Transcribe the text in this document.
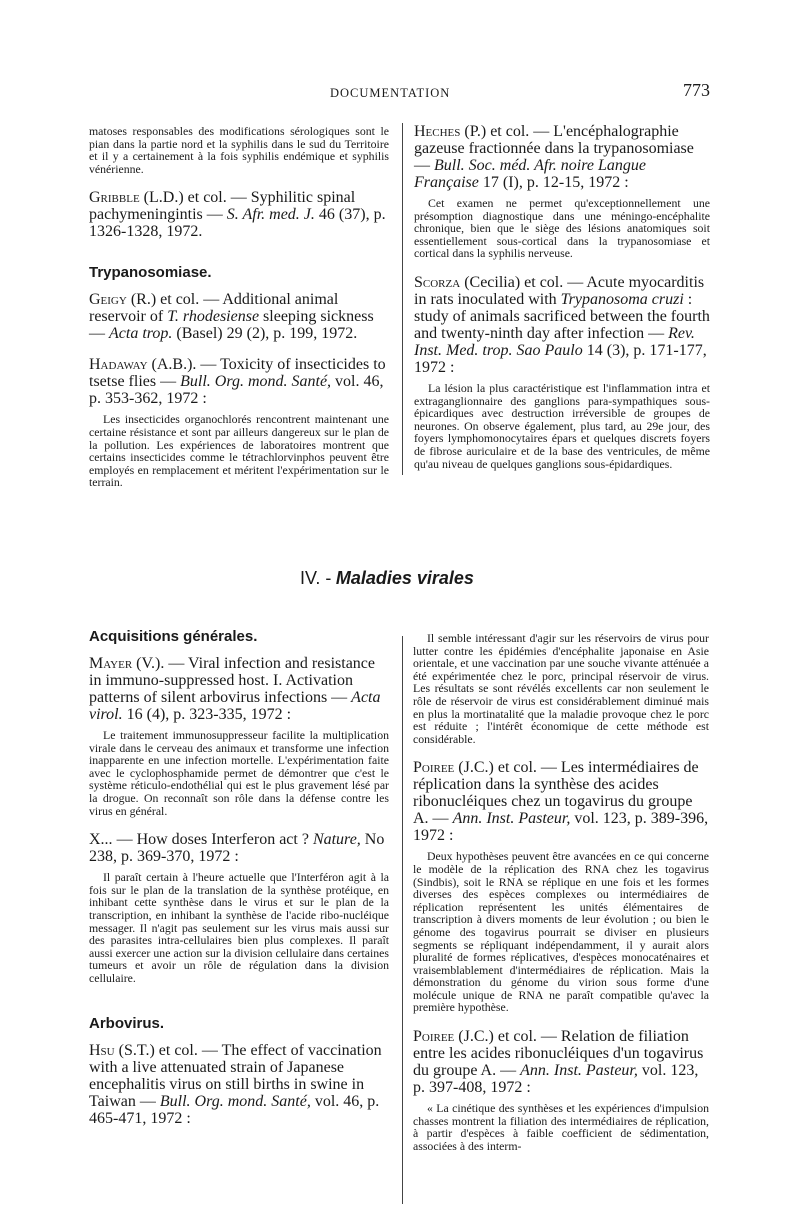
DOCUMENTATION	773

matoses responsables des modifications sérologiques sont le pian dans la partie nord et la syphilis dans le sud du Territoire et il y a certainement à la fois syphilis endémique et syphilis vénérienne.

Gribble (L.D.) et col. — Syphilitic spinal pachymeningintis — S. Afr. med. J. 46 (37), p. 1326-1328, 1972.

Trypanosomiase.

Geigy (R.) et col. — Additional animal reservoir of T. rhodesiense sleeping sickness — Acta trop. (Basel) 29 (2), p. 199, 1972.

Hadaway (A.B.). — Toxicity of insecticides to tsetse flies — Bull. Org. mond. Santé, vol. 46, p. 353-362, 1972 :

Les insecticides organochlorés rencontrent maintenant une certaine résistance et sont par ailleurs dangereux sur le plan de la pollution. Les expériences de laboratoires montrent que certains insecticides comme le tétrachlorvinphos peuvent être employés en remplacement et méritent l'expérimentation sur le terrain.

Heches (P.) et col. — L'encéphalographie gazeuse fractionnée dans la trypanosomiase — Bull. Soc. méd. Afr. noire Langue Française 17 (I), p. 12-15, 1972 :

Cet examen ne permet qu'exceptionnellement une présomption diagnostique dans une méningo-encéphalite chronique, bien que le siège des lésions anatomiques soit essentiellement sous-cortical dans la trypanosomiase et cortical dans la syphilis nerveuse.

Scorza (Cecilia) et col. — Acute myocarditis in rats inoculated with Trypanosoma cruzi : study of animals sacrificed between the fourth and twenty-ninth day after infection — Rev. Inst. Med. trop. Sao Paulo 14 (3), p. 171-177, 1972 :

La lésion la plus caractéristique est l'inflammation intra et extraganglionnaire des ganglions para-sympathiques sous-épicardiques avec destruction irréversible de groupes de neurones. On observe également, plus tard, au 29e jour, des foyers lymphomonocytaires épars et quelques discrets foyers de fibrose auriculaire et de la base des ventricules, de même qu'au niveau de quelques ganglions sous-épidardiques.

IV. - Maladies virales

Acquisitions générales.

Mayer (V.). — Viral infection and resistance in immuno-suppressed host. I. Activation patterns of silent arbovirus infections — Acta virol. 16 (4), p. 323-335, 1972 :

Le traitement immunosuppresseur facilite la multiplication virale dans le cerveau des animaux et transforme une infection inapparente en une infection mortelle. L'expérimentation faite avec le cyclophosphamide permet de démontrer que c'est le système réticulo-endothélial qui est le plus gravement lésé par la drogue. On reconnaît son rôle dans la défense contre les virus en général.

X... — How doses Interferon act ? Nature, No 238, p. 369-370, 1972 :

Il paraît certain à l'heure actuelle que l'Interféron agit à la fois sur le plan de la translation de la synthèse protéique, en inhibant cette synthèse dans le virus et sur le plan de la transcription, en inhibant la synthèse de l'acide ribo-nucléique messager. Il n'agit pas seulement sur les virus mais aussi sur des parasites intra-cellulaires bien plus complexes. Il paraît aussi exercer une action sur la division cellulaire dans certaines tumeurs et avoir un rôle de régulation dans la division cellulaire.

Arbovirus.

Hsu (S.T.) et col. — The effect of vaccination with a live attenuated strain of Japanese encephalitis virus on still births in swine in Taiwan — Bull. Org. mond. Santé, vol. 46, p. 465-471, 1972 :

Il semble intéressant d'agir sur les réservoirs de virus pour lutter contre les épidémies d'encéphalite japonaise en Asie orientale, et une vaccination par une souche vivante atténuée a été expérimentée chez le porc, principal réservoir de virus. Les résultats se sont révélés excellents car non seulement le rôle de réservoir de virus est considérablement diminué mais en plus la mortinatalité que la maladie provoque chez le porc est réduite ; l'intérêt économique de cette méthode est considérable.

Poiree (J.C.) et col. — Les intermédiaires de réplication dans la synthèse des acides ribonucléiques chez un togavirus du groupe A. — Ann. Inst. Pasteur, vol. 123, p. 389-396, 1972 :

Deux hypothèses peuvent être avancées en ce qui concerne le modèle de la réplication des RNA chez les togavirus (Sindbis), soit le RNA se réplique en une fois et les formes diverses des espèces complexes ou intermédiaires de réplication représentent les unités élémentaires de transcription à divers moments de leur évolution ; ou bien le génome des togavirus pourrait se diviser en plusieurs segments se répliquant indépendamment, il y aurait alors pluralité de formes réplicatives, d'espèces monocaténaires et vraisemblablement d'intermédiaires de réplication. Mais la démonstration du génome du virion sous forme d'une molécule unique de RNA ne paraît compatible qu'avec la première hypothèse.

Poiree (J.C.) et col. — Relation de filiation entre les acides ribonucléiques d'un togavirus du groupe A. — Ann. Inst. Pasteur, vol. 123, p. 397-408, 1972 :

« La cinétique des synthèses et les expériences d'impulsion chasses montrent la filiation des intermédiaires de réplication, à partir d'espèces à faible coefficient de sédimentation, associées à des interm-
